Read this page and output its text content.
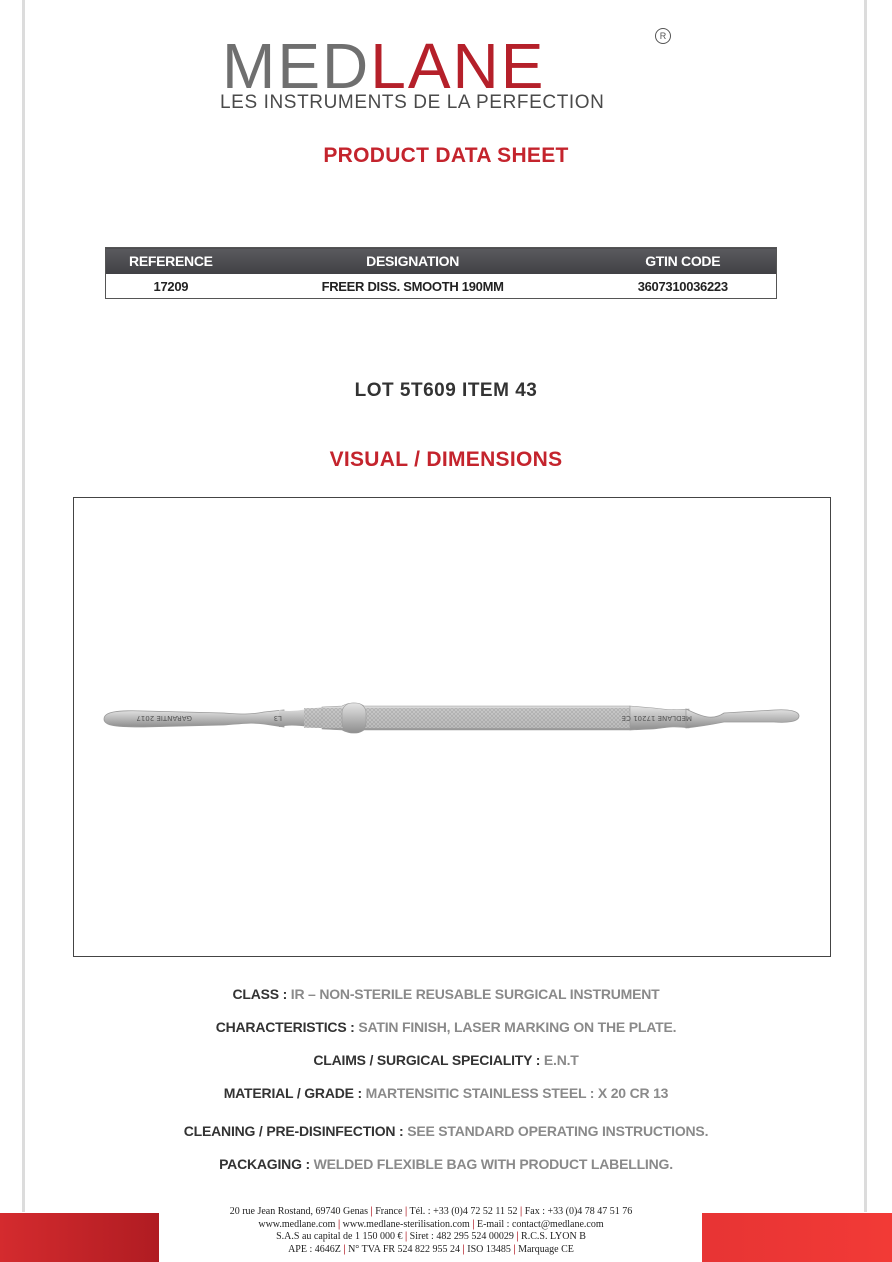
MEDLANE	R
LES INSTRUMENTS DE LA PERFECTION
PRODUCT DATA SHEET
REFERENCE	DESIGNATION	GTIN CODE
17209	FREER DISS. SMOOTH 190MM	3607310036223
LOT 5T609 ITEM 43
VISUAL / DIMENSIONS
GARANTIE 2017	L3	MEDLANE 17201 CE
CLASS : IR – NON-STERILE REUSABLE SURGICAL INSTRUMENT
CHARACTERISTICS : SATIN FINISH, LASER MARKING ON THE PLATE.
CLAIMS / SURGICAL SPECIALITY : E.N.T
MATERIAL / GRADE : MARTENSITIC STAINLESS STEEL : X 20 CR 13
CLEANING / PRE-DISINFECTION : SEE STANDARD OPERATING INSTRUCTIONS.
PACKAGING : WELDED FLEXIBLE BAG WITH PRODUCT LABELLING.
20 rue Jean Rostand, 69740 Genas | France | Tél. : +33 (0)4 72 52 11 52 | Fax : +33 (0)4 78 47 51 76
www.medlane.com | www.medlane-sterilisation.com | E-mail : contact@medlane.com
S.A.S au capital de 1 150 000 € | Siret : 482 295 524 00029 | R.C.S. LYON B
APE : 4646Z | N° TVA FR 524 822 955 24 | ISO 13485 | Marquage CE
